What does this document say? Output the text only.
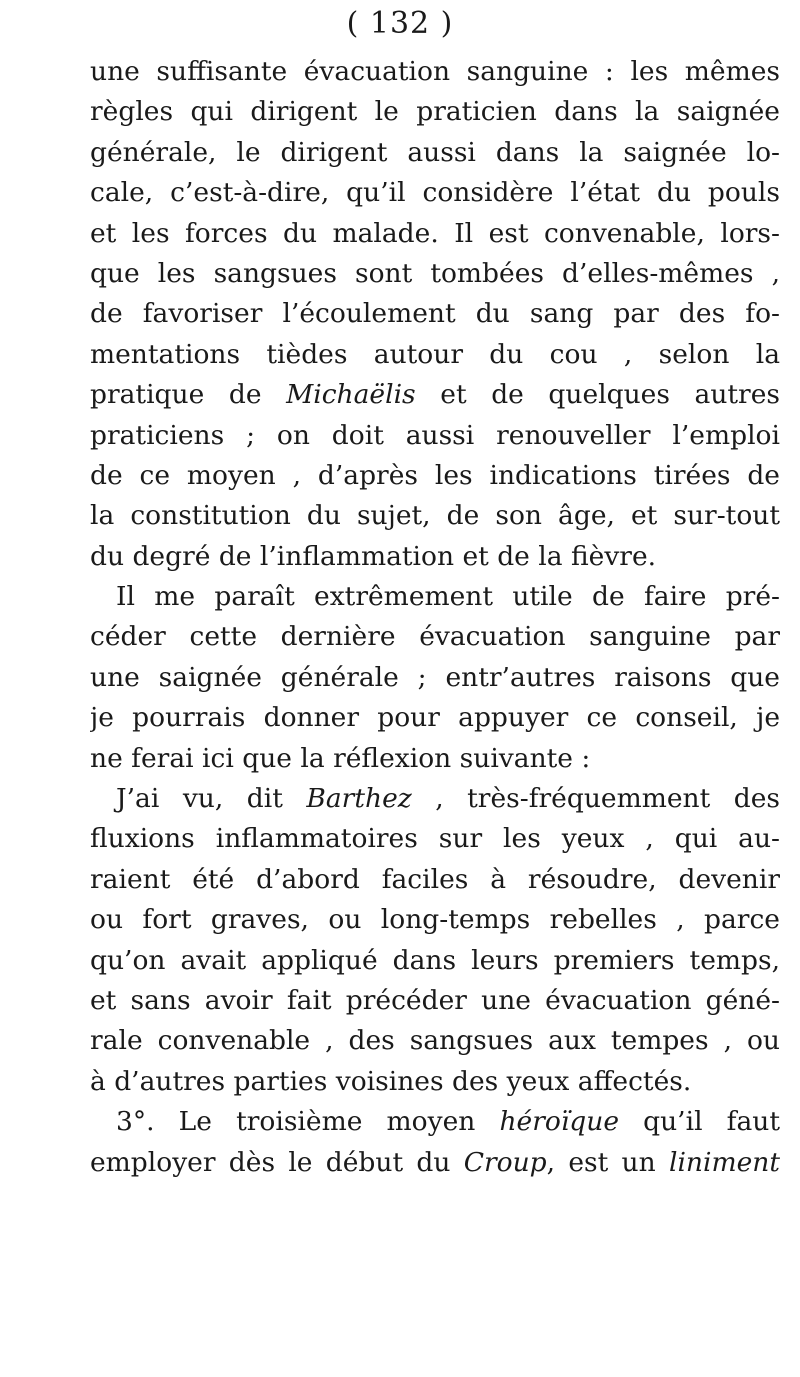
( 132 )
une suffisante évacuation sanguine : les mêmes
règles qui dirigent le praticien dans la saignée
générale, le dirigent aussi dans la saignée lo-
cale, c’est-à-dire, qu’il considère l’état du pouls
et les forces du malade. Il est convenable, lors-
que les sangsues sont tombées d’elles-mêmes ,
de favoriser l’écoulement du sang par des fo-
mentations tièdes autour du cou , selon la
pratique de Michaëlis et de quelques autres
praticiens ; on doit aussi renouveller l’emploi
de ce moyen , d’après les indications tirées de
la constitution du sujet, de son âge, et sur-tout
du degré de l’inflammation et de la fièvre.
Il me paraît extrêmement utile de faire pré-
céder cette dernière évacuation sanguine par
une saignée générale ; entr’autres raisons que
je pourrais donner pour appuyer ce conseil, je
ne ferai ici que la réflexion suivante :
J’ai vu, dit Barthez , très-fréquemment des
fluxions inflammatoires sur les yeux , qui au-
raient été d’abord faciles à résoudre, devenir
ou fort graves, ou long-temps rebelles , parce
qu’on avait appliqué dans leurs premiers temps,
et sans avoir fait précéder une évacuation géné-
rale convenable , des sangsues aux tempes , ou
à d’autres parties voisines des yeux affectés.
3°. Le troisième moyen héroïque qu’il faut
employer dès le début du Croup, est un liniment
